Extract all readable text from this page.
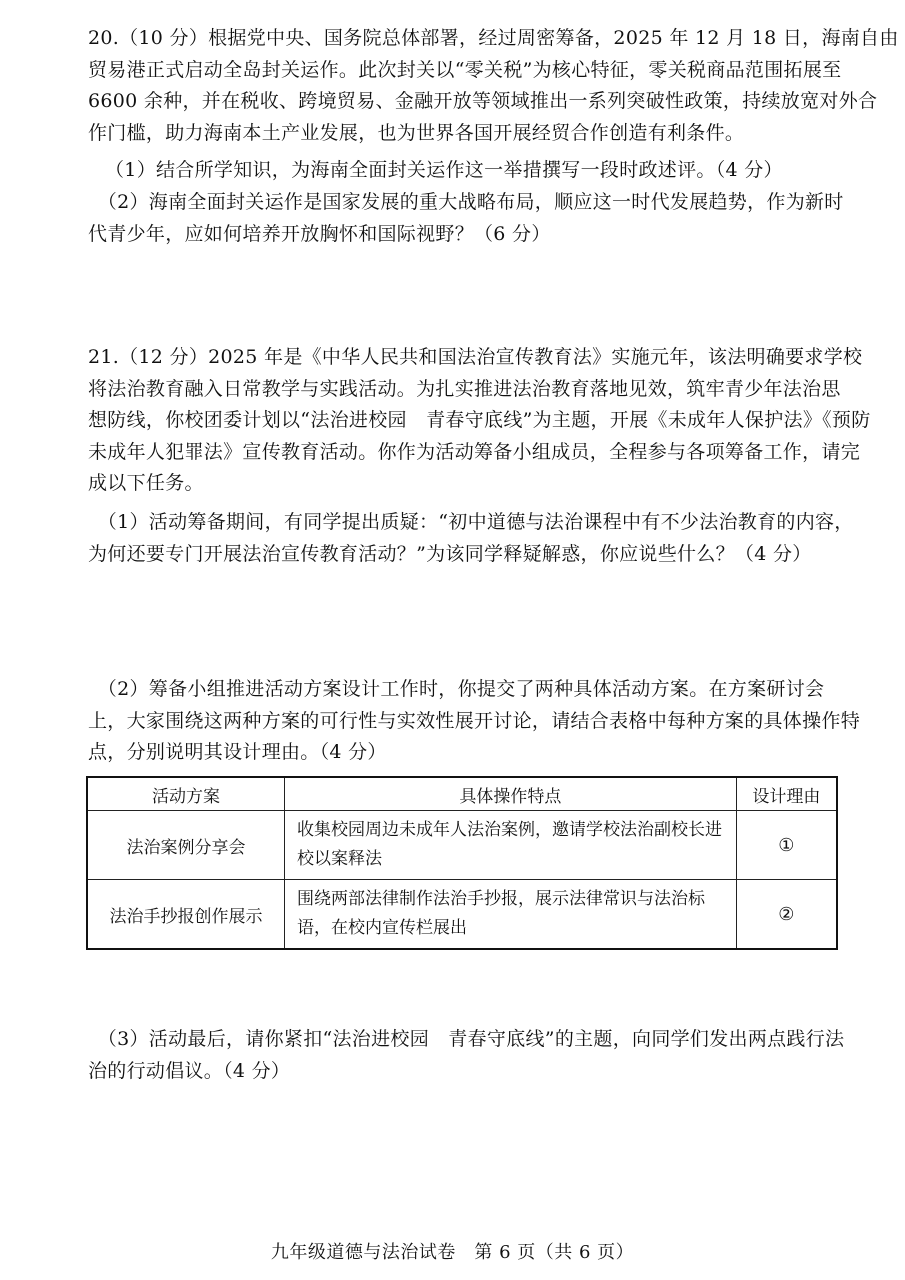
20.（10 分）根据党中央、国务院总体部署，经过周密筹备，2025 年 12 月 18 日，海南自由 贸易港正式启动全岛封关运作。此次封关以“零关税”为核心特征，零关税商品范围拓展至 6600 余种，并在税收、跨境贸易、金融开放等领域推出一系列突破性政策，持续放宽对外合 作门槛，助力海南本土产业发展，也为世界各国开展经贸合作创造有利条件。
（1）结合所学知识，为海南全面封关运作这一举措撰写一段时政述评。（4 分）
　（2）海南全面封关运作是国家发展的重大战略布局，顺应这一时代发展趋势，作为新时 代青少年，应如何培养开放胸怀和国际视野？（6 分）
21.（12 分）2025 年是《中华人民共和国法治宣传教育法》实施元年，该法明确要求学校 将法治教育融入日常教学与实践活动。为扎实推进法治教育落地见效，筑牢青少年法治思 想防线，你校团委计划以“法治进校园　青春守底线”为主题，开展《未成年人保护法》《预防 未成年人犯罪法》宣传教育活动。你作为活动筹备小组成员，全程参与各项筹备工作，请完 成以下任务。
　（1）活动筹备期间，有同学提出质疑：“初中道德与法治课程中有不少法治教育的内容， 为何还要专门开展法治宣传教育活动？”为该同学释疑解惑，你应说些什么？（4 分）
　（2）筹备小组推进活动方案设计工作时，你提交了两种具体活动方案。在方案研讨会 上，大家围绕这两种方案的可行性与实效性展开讨论，请结合表格中每种方案的具体操作特 点，分别说明其设计理由。（4 分）
活动方案	具体操作特点	设计理由
法治案例分享会	收集校园周边未成年人法治案例，邀请学校法治副校长进校以案释法	①
法治手抄报创作展示	围绕两部法律制作法治手抄报，展示法律常识与法治标语，在校内宣传栏展出	②
　（3）活动最后，请你紧扣“法治进校园　青春守底线”的主题，向同学们发出两点践行法 治的行动倡议。（4 分）
九年级道德与法治试卷　第 6 页（共 6 页）
